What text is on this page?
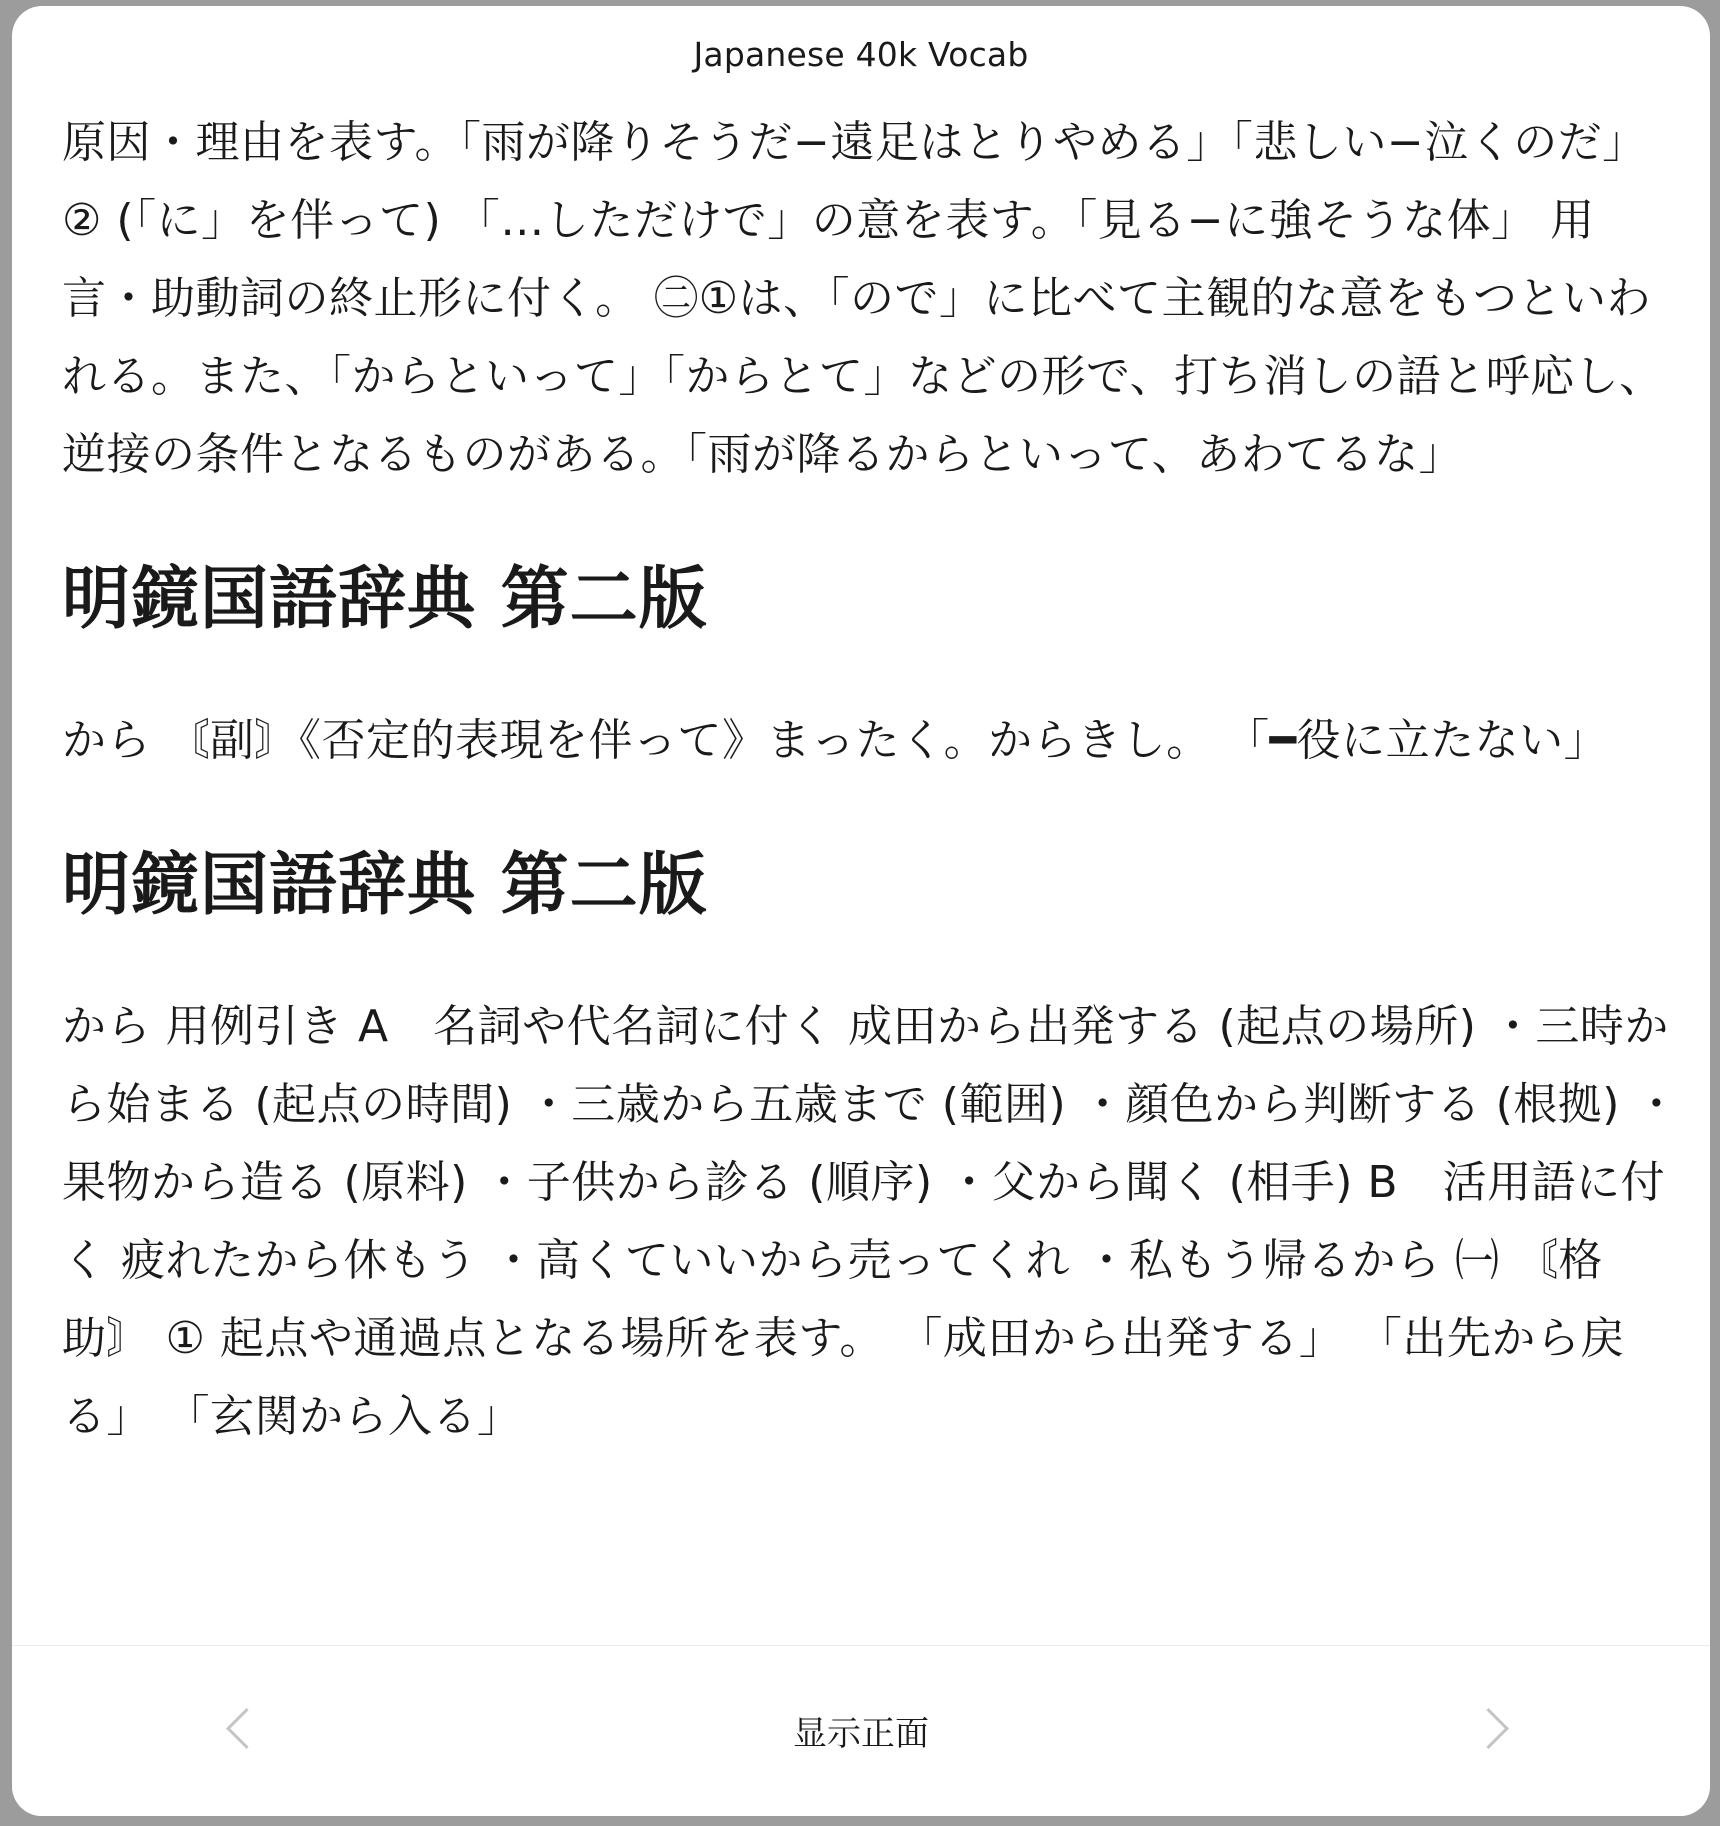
Japanese 40k Vocab

原因・理由を表す。「雨が降りそうだ−遠足はとりやめる」「悲しい−泣くのだ」 ② (「に」を伴って) 「…しただけで」の意を表す。「見る−に強そうな体」 用言・助動詞の終止形に付く。 ㊁①は、「ので」に比べて主観的な意をもつといわれる。また、「からといって」「からとて」などの形で、打ち消しの語と呼応し、逆接の条件となるものがある。「雨が降るからといって、あわてるな」

明鏡国語辞典 第二版

から 〘副〙《否定的表現を伴って》まったく。からきし。 「━役に立たない」

明鏡国語辞典 第二版

から 用例引き A　名詞や代名詞に付く 成田から出発する (起点の場所) ・三時から始まる (起点の時間) ・三歳から五歳まで (範囲) ・顔色から判断する (根拠) ・果物から造る (原料) ・子供から診る (順序) ・父から聞く (相手) B　活用語に付く 疲れたから休もう ・高くていいから売ってくれ ・私もう帰るから ㈠ 〘格助〙 ① 起点や通過点となる場所を表す。 「成田から出発する」 「出先から戻る」 「玄関から入る」

显示正面
